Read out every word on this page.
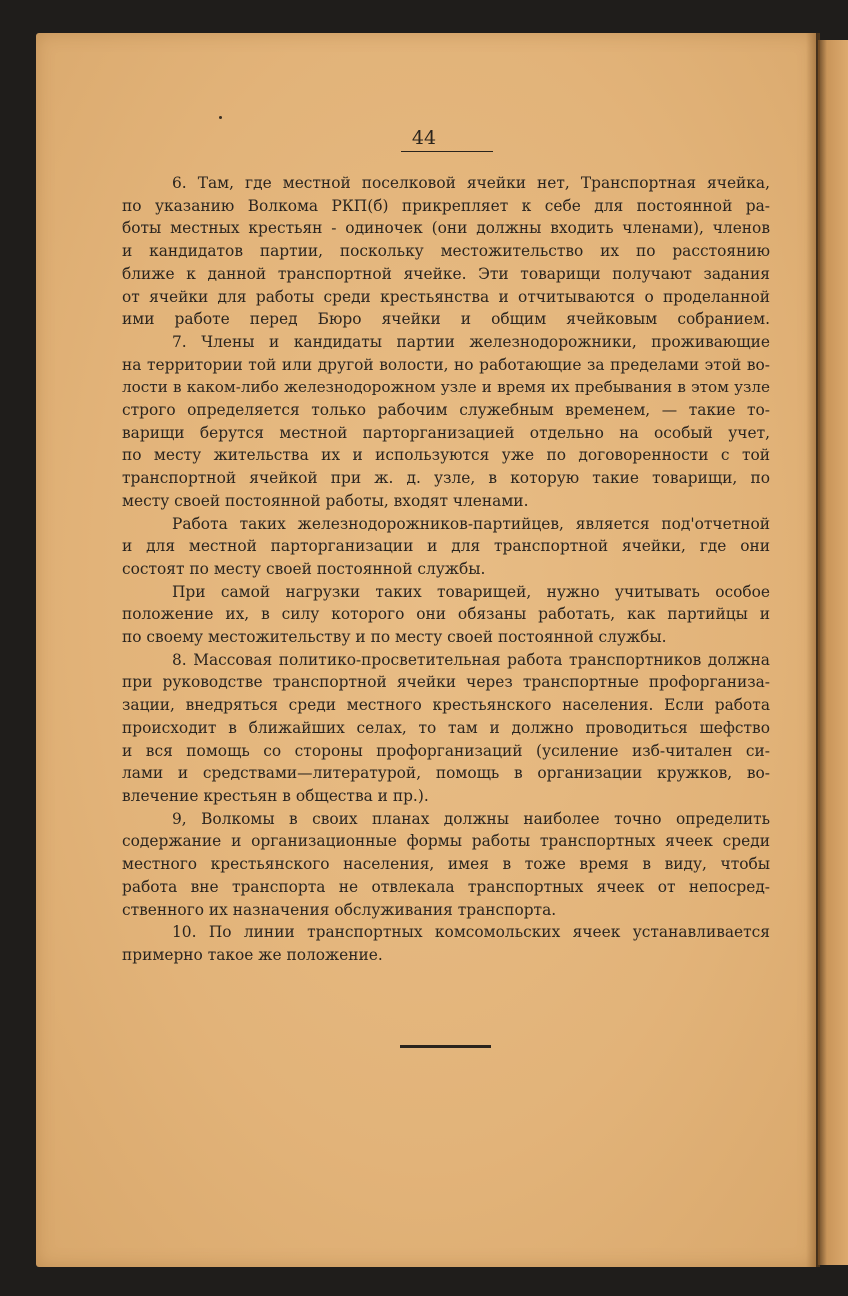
44
6. Там, где местной поселковой ячейки нет, Транспортная ячейка,
по указанию Волкома РКП(б) прикрепляет к себе для постоянной ра-
боты местных крестьян - одиночек (они должны входить членами), членов
и кандидатов партии, поскольку местожительство их по расстоянию
ближе к данной транспортной ячейке. Эти товарищи получают задания
от ячейки для работы среди крестьянства и отчитываются о проделанной
ими работе перед Бюро ячейки и общим ячейковым собранием.
7. Члены и кандидаты партии железнодорожники, проживающие
на территории той или другой волости, но работающие за пределами этой во-
лости в каком-либо железнодорожном узле и время их пребывания в этом узле
строго определяется только рабочим служебным временем, — такие то-
варищи берутся местной парторганизацией отдельно на особый учет,
по месту жительства их и используются уже по договоренности с той
транспортной ячейкой при ж. д. узле, в которую такие товарищи, по
месту своей постоянной работы, входят членами.
Работа таких железнодорожников-партийцев, является под'отчетной
и для местной парторганизации и для транспортной ячейки, где они
состоят по месту своей постоянной службы.
При самой нагрузки таких товарищей, нужно учитывать особое
положение их, в силу которого они обязаны работать, как партийцы и
по своему местожительству и по месту своей постоянной службы.
8. Массовая политико-просветительная работа транспортников должна
при руководстве транспортной ячейки через транспортные профорганиза-
зации, внедряться среди местного крестьянского населения. Если работа
происходит в ближайших селах, то там и должно проводиться шефство
и вся помощь со стороны профорганизаций (усиление изб-читален си-
лами и средствами—литературой, помощь в организации кружков, во-
влечение крестьян в общества и пр.).
9, Волкомы в своих планах должны наиболее точно определить
содержание и организационные формы работы транспортных ячеек среди
местного крестьянского населения, имея в тоже время в виду, чтобы
работа вне транспорта не отвлекала транспортных ячеек от непосред-
ственного их назначения обслуживания транспорта.
10. По линии транспортных комсомольских ячеек устанавливается
примерно такое же положение.
